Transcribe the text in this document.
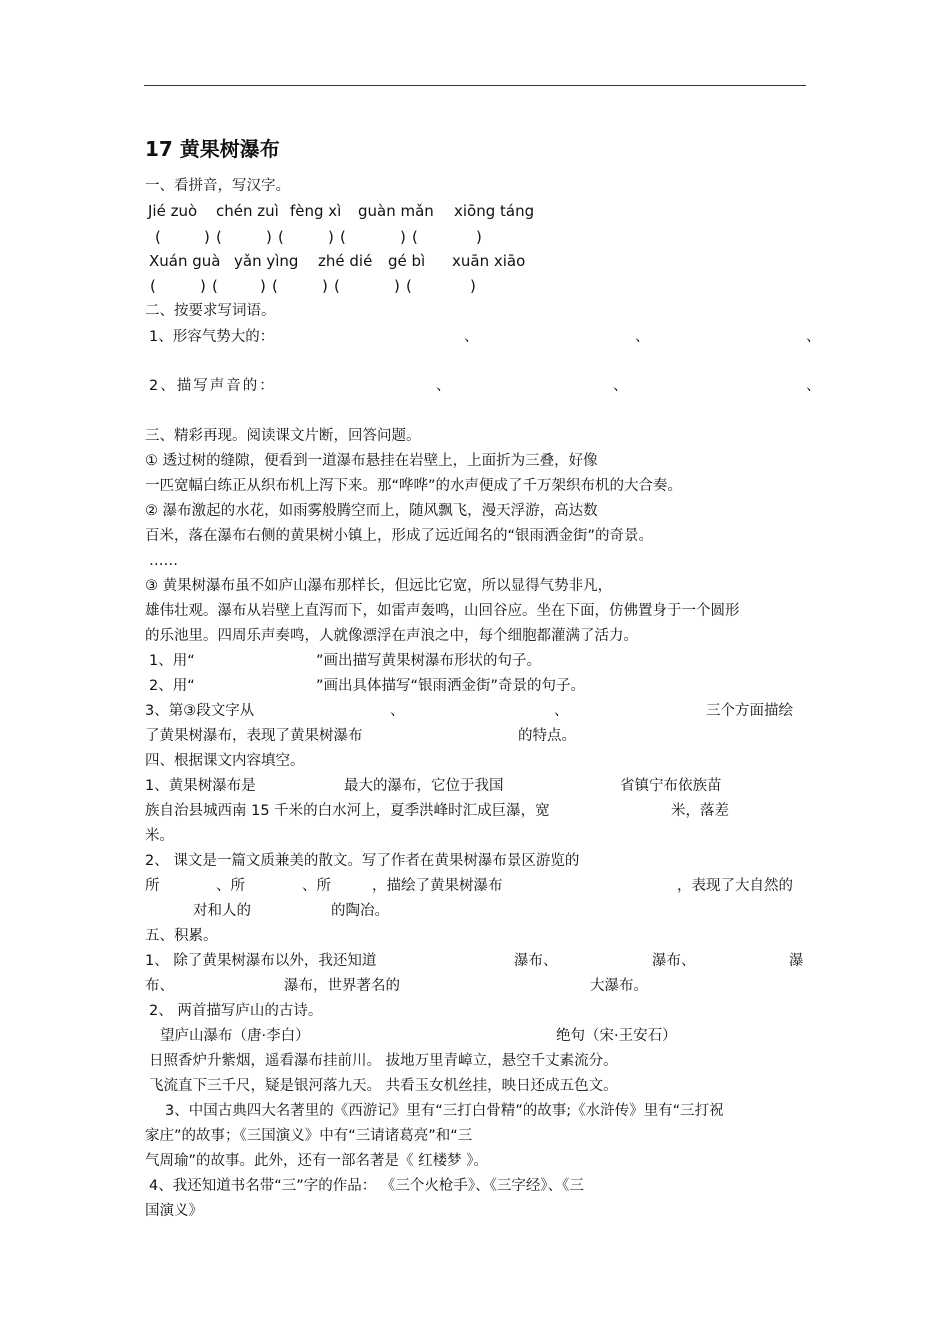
17 黄果树瀑布
一、看拼音，写汉字。
Jié zuò chén zuì fèng xì guàn mǎn xiōng táng
(	) (	) (	) (	) (	)
Xuán guà yǎn yìng zhé dié gé bì xuān xiāo
(	) (	) (	) (	) (	)
二、按要求写词语。
1、形容气势大的：	、	、	、
2、描写声音的：	、	、	、
三、精彩再现。阅读课文片断，回答问题。
① 透过树的缝隙，便看到一道瀑布悬挂在岩壁上，上面折为三叠，好像
一匹宽幅白练正从织布机上泻下来。那“哗哗”的水声便成了千万架织布机的大合奏。
② 瀑布激起的水花，如雨雾般腾空而上，随风飘飞，漫天浮游，高达数
百米，落在瀑布右侧的黄果树小镇上，形成了远近闻名的“银雨洒金街”的奇景。
……
③ 黄果树瀑布虽不如庐山瀑布那样长，但远比它宽，所以显得气势非凡，
雄伟壮观。瀑布从岩壁上直泻而下，如雷声轰鸣，山回谷应。坐在下面，仿佛置身于一个圆形
的乐池里。四周乐声奏鸣，人就像漂浮在声浪之中，每个细胞都灌满了活力。
1、用“	”画出描写黄果树瀑布形状的句子。
2、用“	”画出具体描写“银雨洒金街”奇景的句子。
3、第③段文字从	、	、	三个方面描绘
了黄果树瀑布，表现了黄果树瀑布	的特点。
四、根据课文内容填空。
1、黄果树瀑布是	最大的瀑布，它位于我国	省镇宁布依族苗
族自治县城西南 15 千米的白水河上，夏季洪峰时汇成巨瀑，宽	米，落差
米。
2、 课文是一篇文质兼美的散文。写了作者在黄果树瀑布景区游览的
所	、所	、所	，描绘了黄果树瀑布	，表现了大自然的
对和人的	的陶冶。
五、积累。
1、 除了黄果树瀑布以外，我还知道	瀑布、	瀑布、	瀑
布、	瀑布，世界著名的	大瀑布。
2、 两首描写庐山的古诗。
望庐山瀑布（唐·李白）	绝句（宋·王安石）
日照香炉升紫烟，遥看瀑布挂前川。 拔地万里青嶂立，悬空千丈素流分。
飞流直下三千尺，疑是银河落九天。 共看玉女机丝挂，映日还成五色文。
3、中国古典四大名著里的《西游记》里有“三打白骨精”的故事;《水浒传》里有“三打祝
家庄”的故事；《三国演义》中有“三请诸葛亮”和“三
气周瑜”的故事。此外，还有一部名著是《 红楼梦 》。
4、我还知道书名带“三”字的作品： 《三个火枪手》、《三字经》、《三
国演义》
